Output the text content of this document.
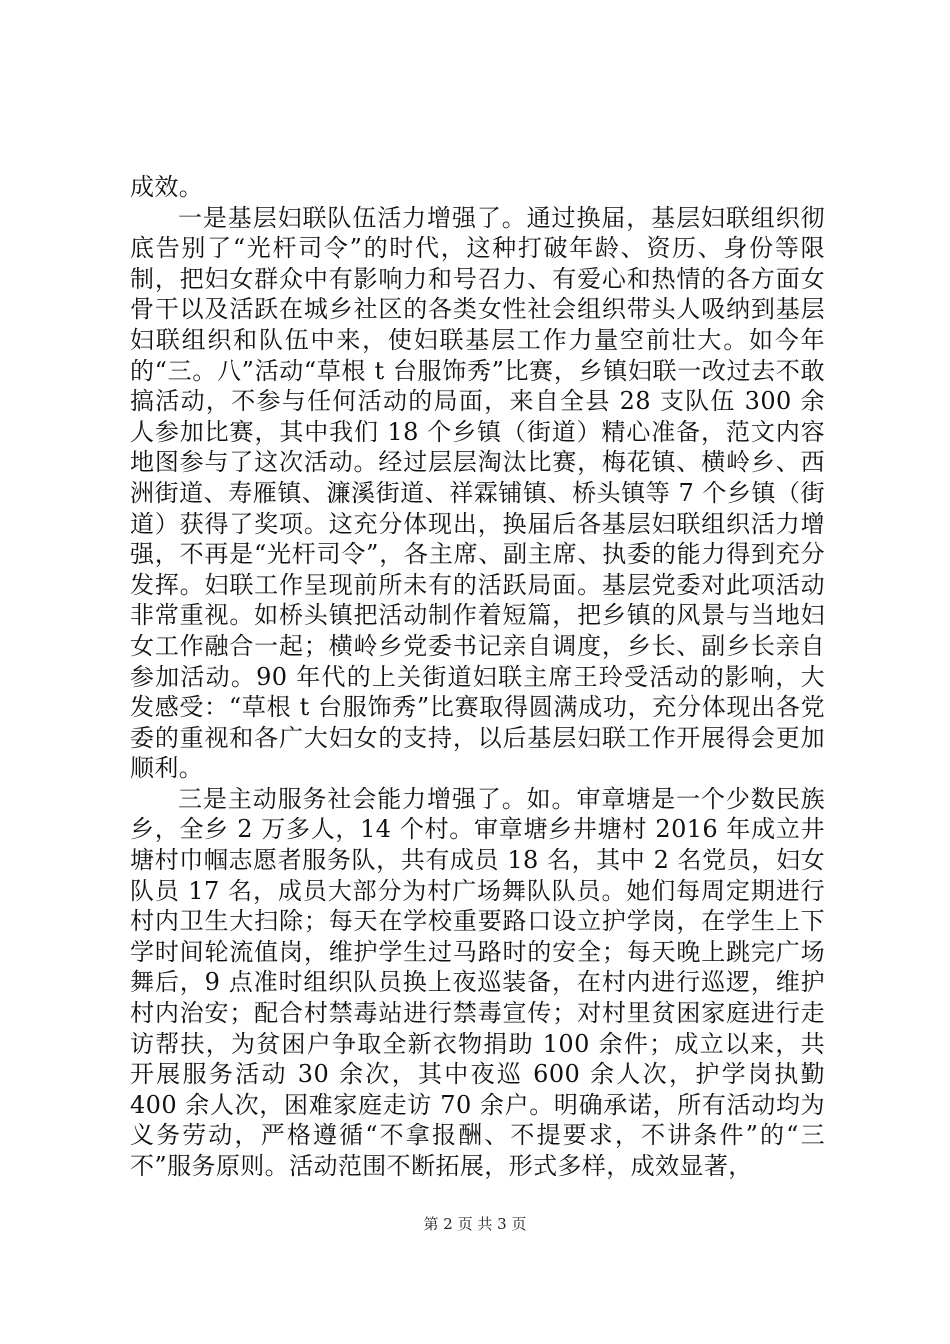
成效。

一是基层妇联队伍活力增强了。通过换届，基层妇联组织彻底告别了“光杆司令”的时代，这种打破年龄、资历、身份等限制，把妇女群众中有影响力和号召力、有爱心和热情的各方面女骨干以及活跃在城乡社区的各类女性社会组织带头人吸纳到基层妇联组织和队伍中来，使妇联基层工作力量空前壮大。如今年的“三。八”活动“草根 t 台服饰秀”比赛，乡镇妇联一改过去不敢搞活动，不参与任何活动的局面，来自全县 28 支队伍 300 余人参加比赛，其中我们 18 个乡镇（街道）精心准备，范文内容地图参与了这次活动。经过层层淘汰比赛，梅花镇、横岭乡、西洲街道、寿雁镇、濂溪街道、祥霖铺镇、桥头镇等 7 个乡镇（街道）获得了奖项。这充分体现出，换届后各基层妇联组织活力增强，不再是“光杆司令”，各主席、副主席、执委的能力得到充分发挥。妇联工作呈现前所未有的活跃局面。基层党委对此项活动非常重视。如桥头镇把活动制作着短篇，把乡镇的风景与当地妇女工作融合一起；横岭乡党委书记亲自调度，乡长、副乡长亲自参加活动。90 年代的上关街道妇联主席王玲受活动的影响，大发感受：“草根 t 台服饰秀”比赛取得圆满成功，充分体现出各党委的重视和各广大妇女的支持，以后基层妇联工作开展得会更加顺利。

三是主动服务社会能力增强了。如。审章塘是一个少数民族乡，全乡 2 万多人，14 个村。审章塘乡井塘村 2016 年成立井塘村巾帼志愿者服务队，共有成员 18 名，其中 2 名党员，妇女队员 17 名，成员大部分为村广场舞队队员。她们每周定期进行村内卫生大扫除；每天在学校重要路口设立护学岗，在学生上下学时间轮流值岗，维护学生过马路时的安全；每天晚上跳完广场舞后，9 点准时组织队员换上夜巡装备，在村内进行巡逻，维护村内治安；配合村禁毒站进行禁毒宣传；对村里贫困家庭进行走访帮扶，为贫困户争取全新衣物捐助 100 余件；成立以来，共开展服务活动 30 余次，其中夜巡 600 余人次，护学岗执勤 400 余人次，困难家庭走访 70 余户。明确承诺，所有活动均为义务劳动，严格遵循“不拿报酬、不提要求，不讲条件”的“三不”服务原则。活动范围不断拓展，形式多样，成效显著，

第 2 页 共 3 页
